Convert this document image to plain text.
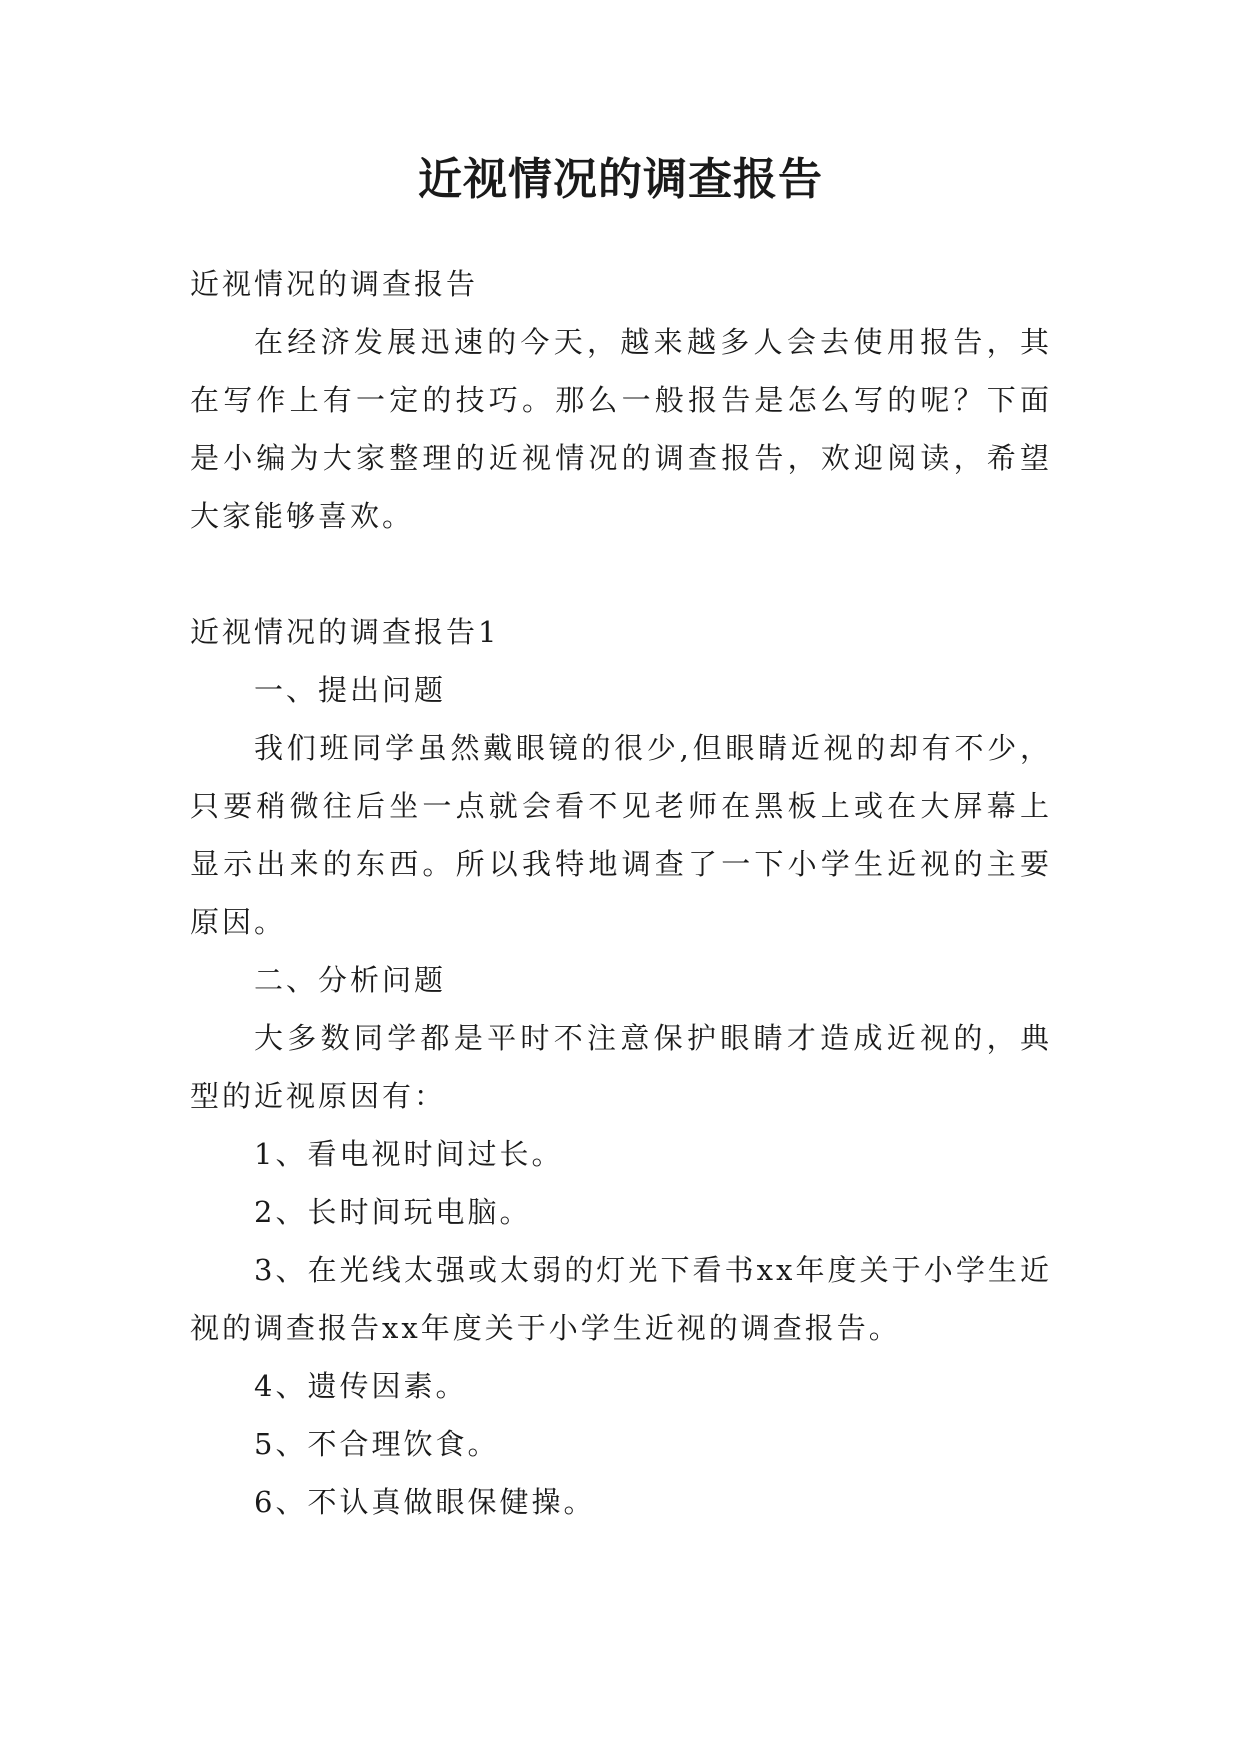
近视情况的调查报告

近视情况的调查报告

在经济发展迅速的今天，越来越多人会去使用报告，其在写作上有一定的技巧。那么一般报告是怎么写的呢？下面是小编为大家整理的近视情况的调查报告，欢迎阅读，希望大家能够喜欢。

近视情况的调查报告1

一、提出问题

我们班同学虽然戴眼镜的很少,但眼睛近视的却有不少，只要稍微往后坐一点就会看不见老师在黑板上或在大屏幕上显示出来的东西。所以我特地调查了一下小学生近视的主要原因。

二、分析问题

大多数同学都是平时不注意保护眼睛才造成近视的，典型的近视原因有：

1、看电视时间过长。

2、长时间玩电脑。

3、在光线太强或太弱的灯光下看书xx年度关于小学生近视的调查报告xx年度关于小学生近视的调查报告。

4、遗传因素。

5、不合理饮食。

6、不认真做眼保健操。
